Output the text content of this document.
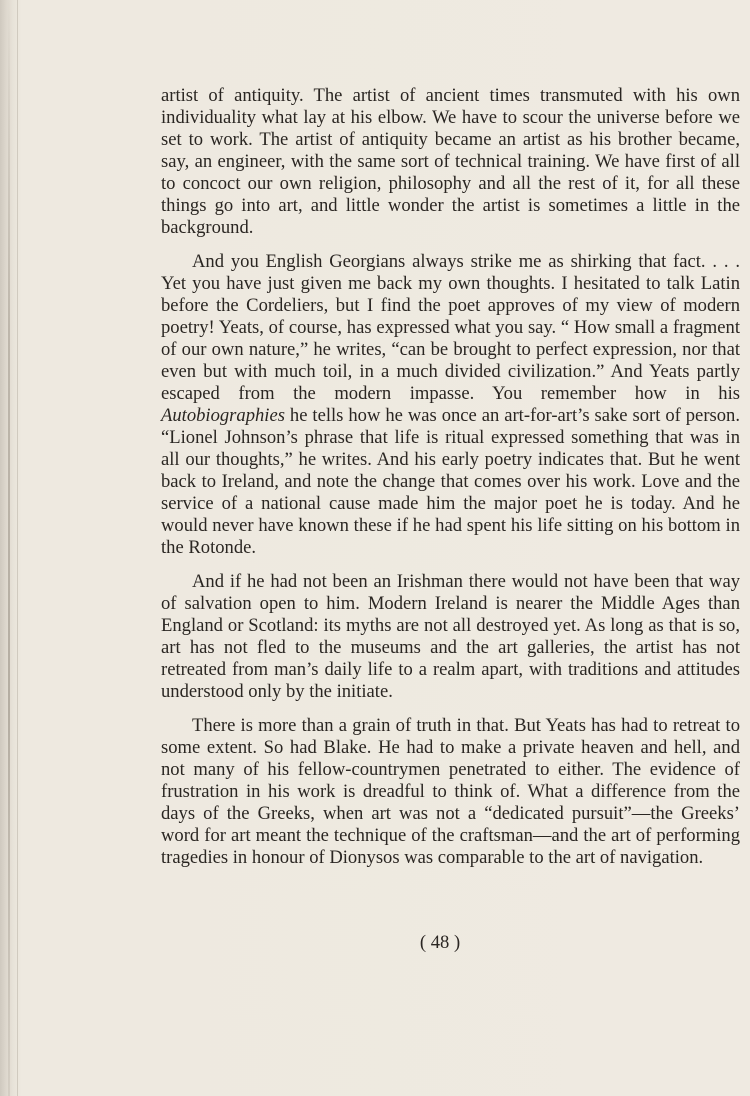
artist of antiquity. The artist of ancient times transmuted with his own individuality what lay at his elbow. We have to scour the universe before we set to work. The artist of antiquity became an artist as his brother became, say, an engineer, with the same sort of technical training. We have first of all to concoct our own religion, philosophy and all the rest of it, for all these things go into art, and little wonder the artist is sometimes a little in the background.

And you English Georgians always strike me as shirking that fact. . . . Yet you have just given me back my own thoughts. I hesitated to talk Latin before the Cordeliers, but I find the poet approves of my view of modern poetry! Yeats, of course, has expressed what you say. “ How small a fragment of our own nature,” he writes, “can be brought to perfect expression, nor that even but with much toil, in a much divided civilization.” And Yeats partly escaped from the modern impasse. You remember how in his Autobiographies he tells how he was once an art-for-art’s sake sort of person. “Lionel Johnson’s phrase that life is ritual expressed something that was in all our thoughts,” he writes. And his early poetry indicates that. But he went back to Ireland, and note the change that comes over his work. Love and the service of a national cause made him the major poet he is today. And he would never have known these if he had spent his life sitting on his bottom in the Rotonde.

And if he had not been an Irishman there would not have been that way of salvation open to him. Modern Ireland is nearer the Middle Ages than England or Scotland: its myths are not all destroyed yet. As long as that is so, art has not fled to the museums and the art galleries, the artist has not retreated from man’s daily life to a realm apart, with traditions and attitudes understood only by the initiate.

There is more than a grain of truth in that. But Yeats has had to retreat to some extent. So had Blake. He had to make a private heaven and hell, and not many of his fellow-countrymen penetrated to either. The evidence of frustration in his work is dreadful to think of. What a difference from the days of the Greeks, when art was not a “dedicated pursuit”—the Greeks’ word for art meant the technique of the craftsman—and the art of performing tragedies in honour of Dionysos was comparable to the art of navigation.

( 48 )
